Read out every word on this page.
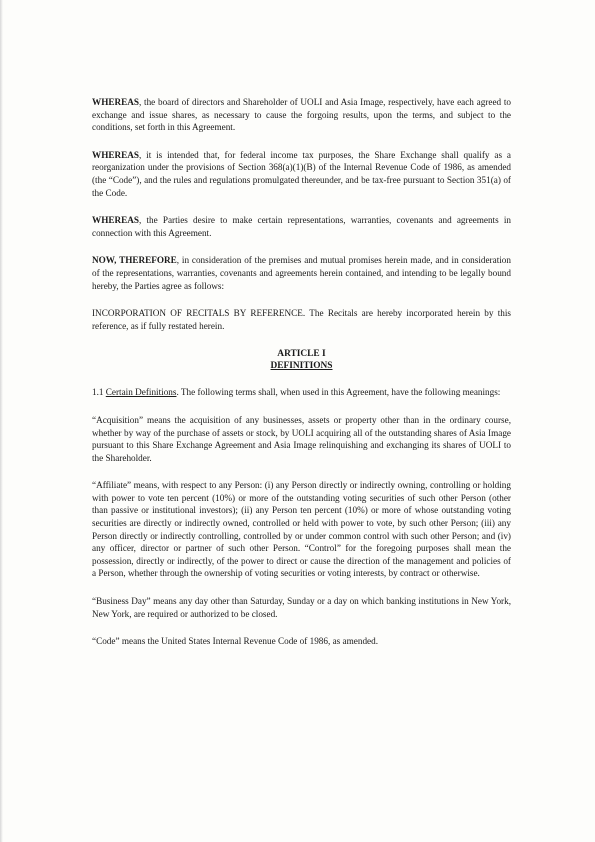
WHEREAS, the board of directors and Shareholder of UOLI and Asia Image, respectively, have each agreed to exchange and issue shares, as necessary to cause the forgoing results, upon the terms, and subject to the conditions, set forth in this Agreement.

WHEREAS, it is intended that, for federal income tax purposes, the Share Exchange shall qualify as a reorganization under the provisions of Section 368(a)(1)(B) of the Internal Revenue Code of 1986, as amended (the “Code”), and the rules and regulations promulgated thereunder, and be tax-free pursuant to Section 351(a) of the Code.

WHEREAS, the Parties desire to make certain representations, warranties, covenants and agreements in connection with this Agreement.

NOW, THEREFORE, in consideration of the premises and mutual promises herein made, and in consideration of the representations, warranties, covenants and agreements herein contained, and intending to be legally bound hereby, the Parties agree as follows:

INCORPORATION OF RECITALS BY REFERENCE. The Recitals are hereby incorporated herein by this reference, as if fully restated herein.

ARTICLE I

DEFINITIONS

1.1 Certain Definitions. The following terms shall, when used in this Agreement, have the following meanings:

“Acquisition” means the acquisition of any businesses, assets or property other than in the ordinary course, whether by way of the purchase of assets or stock, by UOLI acquiring all of the outstanding shares of Asia Image pursuant to this Share Exchange Agreement and Asia Image relinquishing and exchanging its shares of UOLI to the Shareholder.

“Affiliate” means, with respect to any Person: (i) any Person directly or indirectly owning, controlling or holding with power to vote ten percent (10%) or more of the outstanding voting securities of such other Person (other than passive or institutional investors); (ii) any Person ten percent (10%) or more of whose outstanding voting securities are directly or indirectly owned, controlled or held with power to vote, by such other Person; (iii) any Person directly or indirectly controlling, controlled by or under common control with such other Person; and (iv) any officer, director or partner of such other Person. “Control” for the foregoing purposes shall mean the possession, directly or indirectly, of the power to direct or cause the direction of the management and policies of a Person, whether through the ownership of voting securities or voting interests, by contract or otherwise.

“Business Day” means any day other than Saturday, Sunday or a day on which banking institutions in New York, New York, are required or authorized to be closed.

“Code” means the United States Internal Revenue Code of 1986, as amended.
